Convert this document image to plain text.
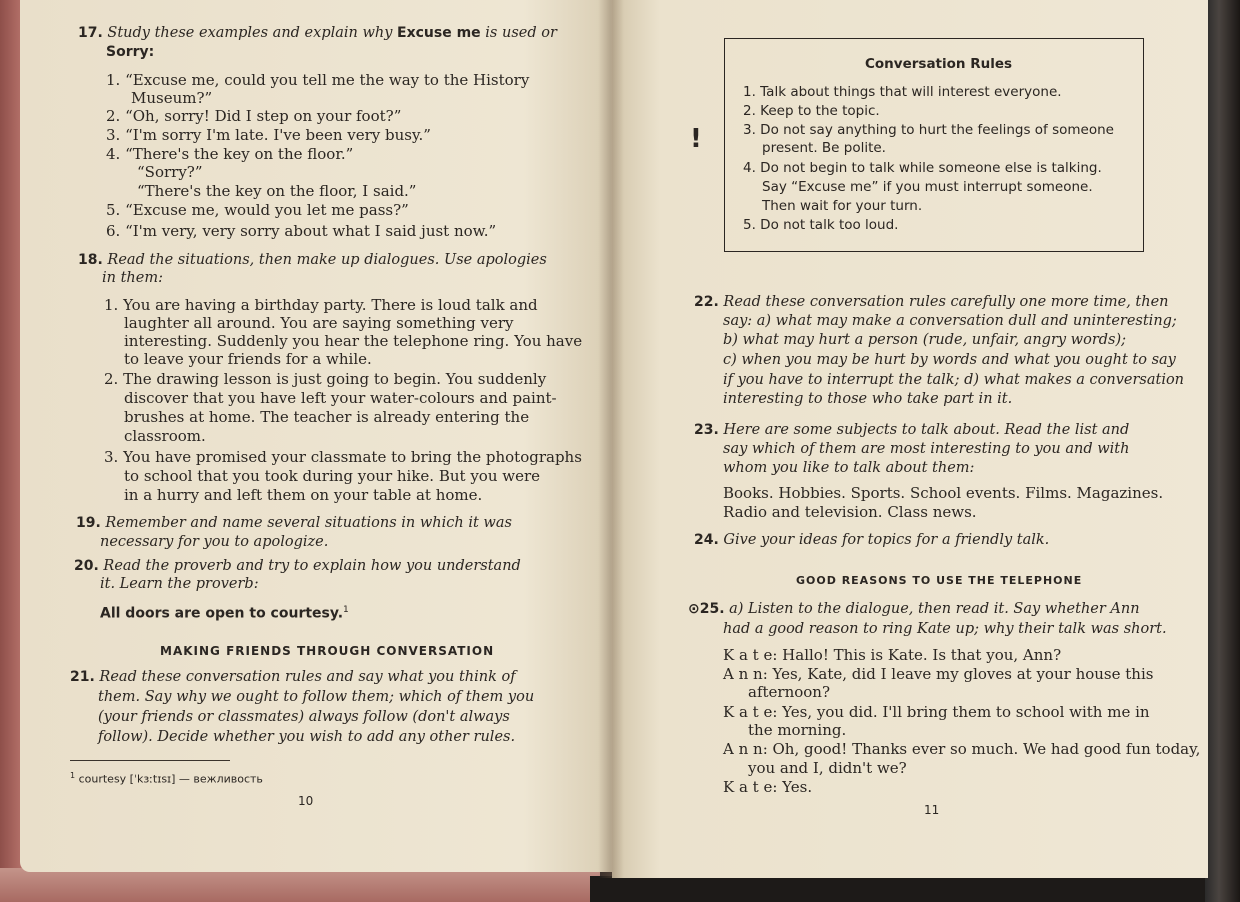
17. Study these examples and explain why Excuse me is used or
Sorry:
1. “Excuse me, could you tell me the way to the History
Museum?”
2. “Oh, sorry! Did I step on your foot?”
3. “I'm sorry I'm late. I've been very busy.”
4. “There's the key on the floor.”
“Sorry?”
“There's the key on the floor, I said.”
5. “Excuse me, would you let me pass?”
6. “I'm very, very sorry about what I said just now.”
18. Read the situations, then make up dialogues. Use apologies
in them:
1. You are having a birthday party. There is loud talk and
laughter all around. You are saying something very
interesting. Suddenly you hear the telephone ring. You have
to leave your friends for a while.
2. The drawing lesson is just going to begin. You suddenly
discover that you have left your water-colours and paint-
brushes at home. The teacher is already entering the
classroom.
3. You have promised your classmate to bring the photographs
to school that you took during your hike. But you were
in a hurry and left them on your table at home.
19. Remember and name several situations in which it was
necessary for you to apologize.
20. Read the proverb and try to explain how you understand
it. Learn the proverb:
All doors are open to courtesy.$^1$
MAKING FRIENDS THROUGH CONVERSATION
21. Read these conversation rules and say what you think of
them. Say why we ought to follow them; which of them you
(your friends or classmates) always follow (don't always
follow). Decide whether you wish to add any other rules.
$^1$ courtesy [ˈkɜːtɪsɪ] — вежливость
10
!
Conversation Rules
1. Talk about things that will interest everyone.
2. Keep to the topic.
3. Do not say anything to hurt the feelings of someone
present. Be polite.
4. Do not begin to talk while someone else is talking.
Say “Excuse me” if you must interrupt someone.
Then wait for your turn.
5. Do not talk too loud.
22. Read these conversation rules carefully one more time, then
say: a) what may make a conversation dull and uninteresting;
b) what may hurt a person (rude, unfair, angry words);
c) when you may be hurt by words and what you ought to say
if you have to interrupt the talk; d) what makes a conversation
interesting to those who take part in it.
23. Here are some subjects to talk about. Read the list and
say which of them are most interesting to you and with
whom you like to talk about them:
Books. Hobbies. Sports. School events. Films. Magazines.
Radio and television. Class news.
24. Give your ideas for topics for a friendly talk.
GOOD REASONS TO USE THE TELEPHONE
⊙25. a) Listen to the dialogue, then read it. Say whether Ann
had a good reason to ring Kate up; why their talk was short.
K a t e: Hallo! This is Kate. Is that you, Ann?
A n n: Yes, Kate, did I leave my gloves at your house this
afternoon?
K a t e: Yes, you did. I'll bring them to school with me in
the morning.
A n n: Oh, good! Thanks ever so much. We had good fun today,
you and I, didn't we?
K a t e: Yes.
11
